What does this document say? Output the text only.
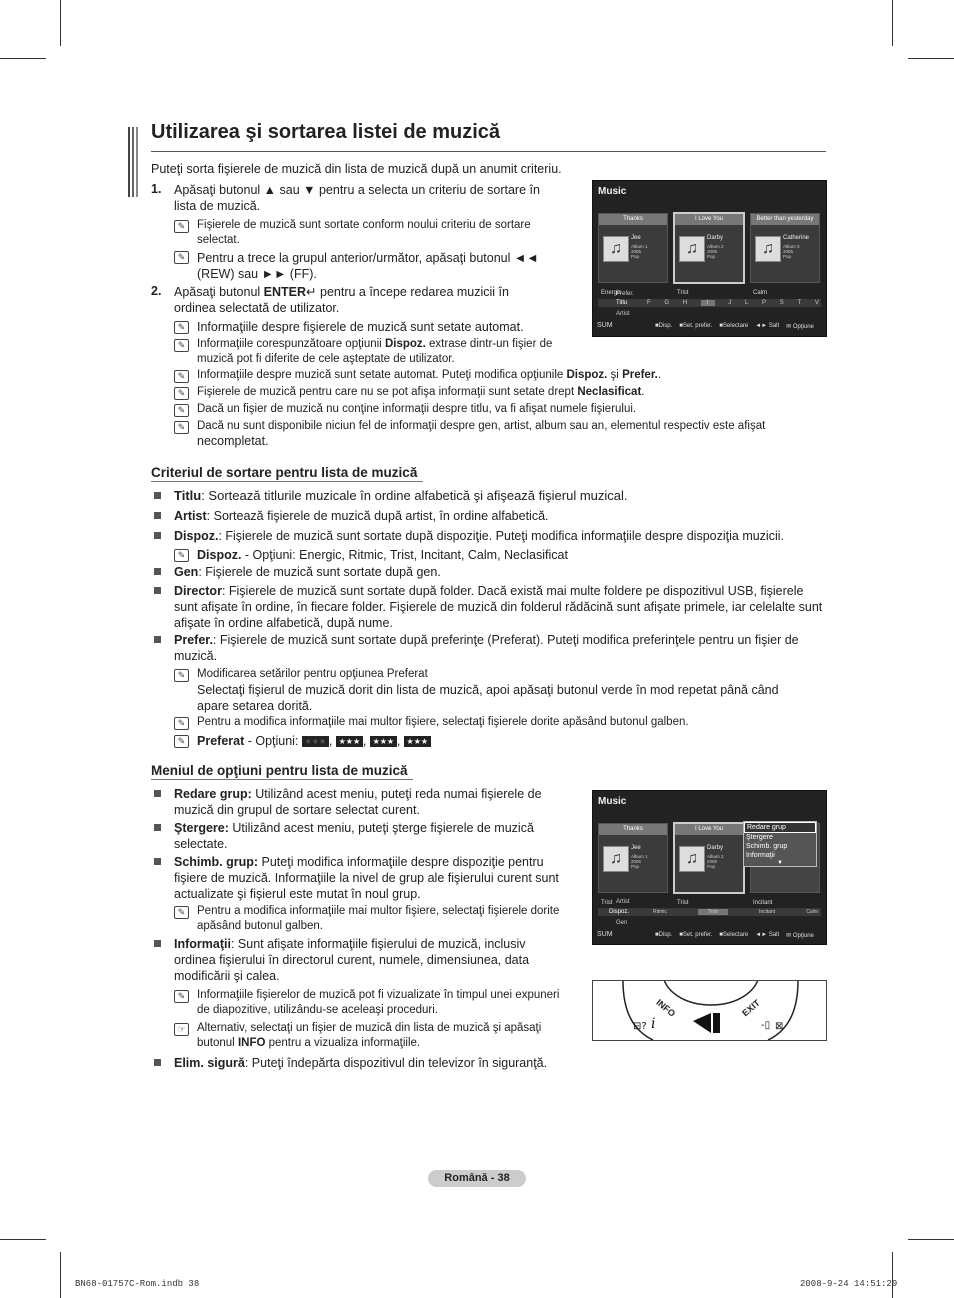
Utilizarea şi sortarea listei de muzică

Puteţi sorta fişierele de muzică din lista de muzică după un anumit criteriu.

1. Apăsaţi butonul ▲ sau ▼ pentru a selecta un criteriu de sortare în
lista de muzică.

✎	Fişierele de muzică sunt sortate conform noului criteriu de sortare
selectat.

✎ Pentru a trece la grupul anterior/următor, apăsaţi butonul ◄◄
(REW) sau ►► (FF).

2. Apăsaţi butonul ENTER↵ pentru a începe redarea muzicii în
ordinea selectată de utilizator.

✎ Informaţiile despre fişierele de muzică sunt setate automat.

✎	Informaţiile corespunzătoare opţiunii Dispoz. extrase dintr-un fişier de
muzică pot fi diferite de cele aşteptate de utilizator.

✎	Informaţiile despre muzică sunt setate automat. Puteţi modifica opţiunile Dispoz. şi Prefer..

✎	Fişierele de muzică pentru care nu se pot afişa informaţii sunt setate drept Neclasificat.

✎	Dacă un fişier de muzică nu conţine informaţii despre titlu, va fi afişat numele fişierului.

✎	Dacă nu sunt disponibile niciun fel de informaţii despre gen, artist, album sau an, elementul respectiv este afişat
necompletat.

Music
Thanks
♫
Jee
Album 1
2005
Pop
Energic
I Love You
♫
Darby
Album 2
2005
Pop
Trist
Better than yesterday
♫
Catherine
Album 3
2005
Pop
Calm
Prefer.
Titlu	F G H	I	J L P S T V
Artist
SUM	■Disp. ■Set. prefer. ■Selectare ◄► Salt ✉ Opţiune
Criteriul de sortare pentru lista de muzică

Titlu: Sortează titlurile muzicale în ordine alfabetică şi afişează fişierul muzical.

Artist: Sortează fişierele de muzică după artist, în ordine alfabetică.

Dispoz.: Fişierele de muzică sunt sortate după dispoziţie. Puteţi modifica informaţiile despre dispoziţia muzicii.

✎ Dispoz. - Opţiuni: Energic, Ritmic, Trist, Incitant, Calm, Neclasificat

Gen: Fişierele de muzică sunt sortate după gen.

Director: Fişierele de muzică sunt sortate după folder. Dacă există mai multe foldere pe dispozitivul USB, fişierele
sunt afişate în ordine, în fiecare folder. Fişierele de muzică din folderul rădăcină sunt afişate primele, iar celelalte sunt
afişate în ordine alfabetică, după nume.

Prefer.: Fişierele de muzică sunt sortate după preferinţe (Preferat). Puteţi modifica preferinţele pentru un fişier de
muzică.

✎	Modificarea setărilor pentru opţiunea Preferat

Selectaţi fişierul de muzică dorit din lista de muzică, apoi apăsaţi butonul verde în mod repetat până când
apare setarea dorită.

✎	Pentru a modifica informaţiile mai multor fişiere, selectaţi fişierele dorite apăsând butonul galben.

✎ Preferat - Opţiuni: ★★★ , ★★★ , ★★★ , ★★★

Meniul de opţiuni pentru lista de muzică

Redare grup: Utilizând acest meniu, puteţi reda numai fişierele de
muzică din grupul de sortare selectat curent.

Ştergere: Utilizând acest meniu, puteţi şterge fişierele de muzică
selectate.

Schimb. grup: Puteţi modifica informaţiile despre dispoziţie pentru
fişiere de muzică. Informaţiile la nivel de grup ale fişierului curent sunt
actualizate şi fişierul este mutat în noul grup.

✎	Pentru a modifica informaţiile mai multor fişiere, selectaţi fişierele dorite
apăsând butonul galben.

Informaţii: Sunt afişate informaţiile fişierului de muzică, inclusiv
ordinea fişierului în directorul curent, numele, dimensiunea, data
modificării şi calea.

✎	Informaţiile fişierelor de muzică pot fi vizualizate în timpul unei expuneri
de diapozitive, utilizându-se aceleaşi proceduri.

☞ Alternativ, selectaţi un fişier de muzică din lista de muzică şi apăsaţi
butonul INFO pentru a vizualiza informaţiile.

Elim. sigură: Puteţi îndepărta dispozitivul din televizor în siguranţă.

Music
Thanks
♫
Jee
Album 1
2005
Pop
Trist
I Love You
♫
Darby
Album 2
2005
Pop
Trist	Incitant
Redare grup
Ştergere
Schimb. grup
Informaţii
▼
Artist
Dispoz.	Ritmic	Trist	Incitant	Calm
Gen
SUM	■Disp. ■Set. prefer. ■Selectare ◄► Salt ✉ Opţiune
⊟? i	-▯ ⊠
INFO	EXIT
Română - 38
BN68-01757C-Rom.indb 38	2008-9-24 14:51:29
